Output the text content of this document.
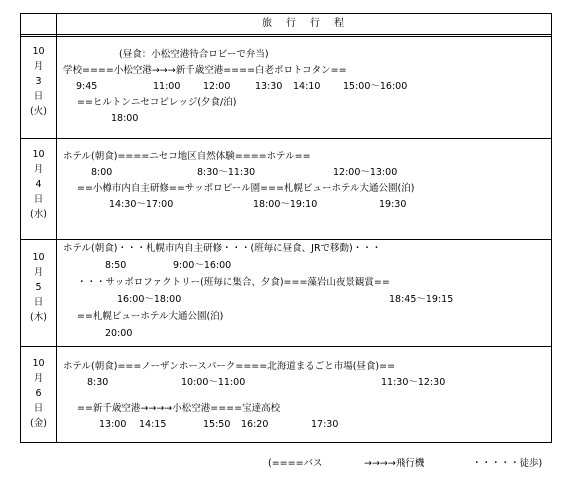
旅　行　行　程
10
月
3
日
(火)
(昼食：小松空港待合ロビーで弁当)
学校====小松空港→→→新千歳空港====白老ポロトコタン==
9:45	11:00 12:00	13:30 14:10 15:00～16:00
==ヒルトンニセコビレッジ(夕食/泊)
18:00
10
月
4
日
(水)
ホテル(朝食)====ニセコ地区自然体験====ホテル==
8:00	8:30～11:30	12:00～13:00
==小樽市内自主研修==サッポロビール園===札幌ビューホテル大通公園(泊)
14:30～17:00	18:00～19:10	19:30
10
月
5
日
(木)
ホテル(朝食)・・・札幌市内自主研修・・・(班毎に昼食、JRで移動)・・・
8:50	9:00～16:00
・・・サッポロファクトリー(班毎に集合、夕食)===藻岩山夜景観賞==
16:00～18:00	18:45～19:15
==札幌ビューホテル大通公園(泊)
20:00
10
月
6
日
(金)
ホテル(朝食)===ノーザンホースパーク====北海道まるごと市場(昼食)==
8:30	10:00～11:00	11:30～12:30
==新千歳空港→→→→小松空港====宝達高校
13:00 14:15	15:50 16:20	17:30
(====バス	→→→→飛行機	・・・・・徒歩)
